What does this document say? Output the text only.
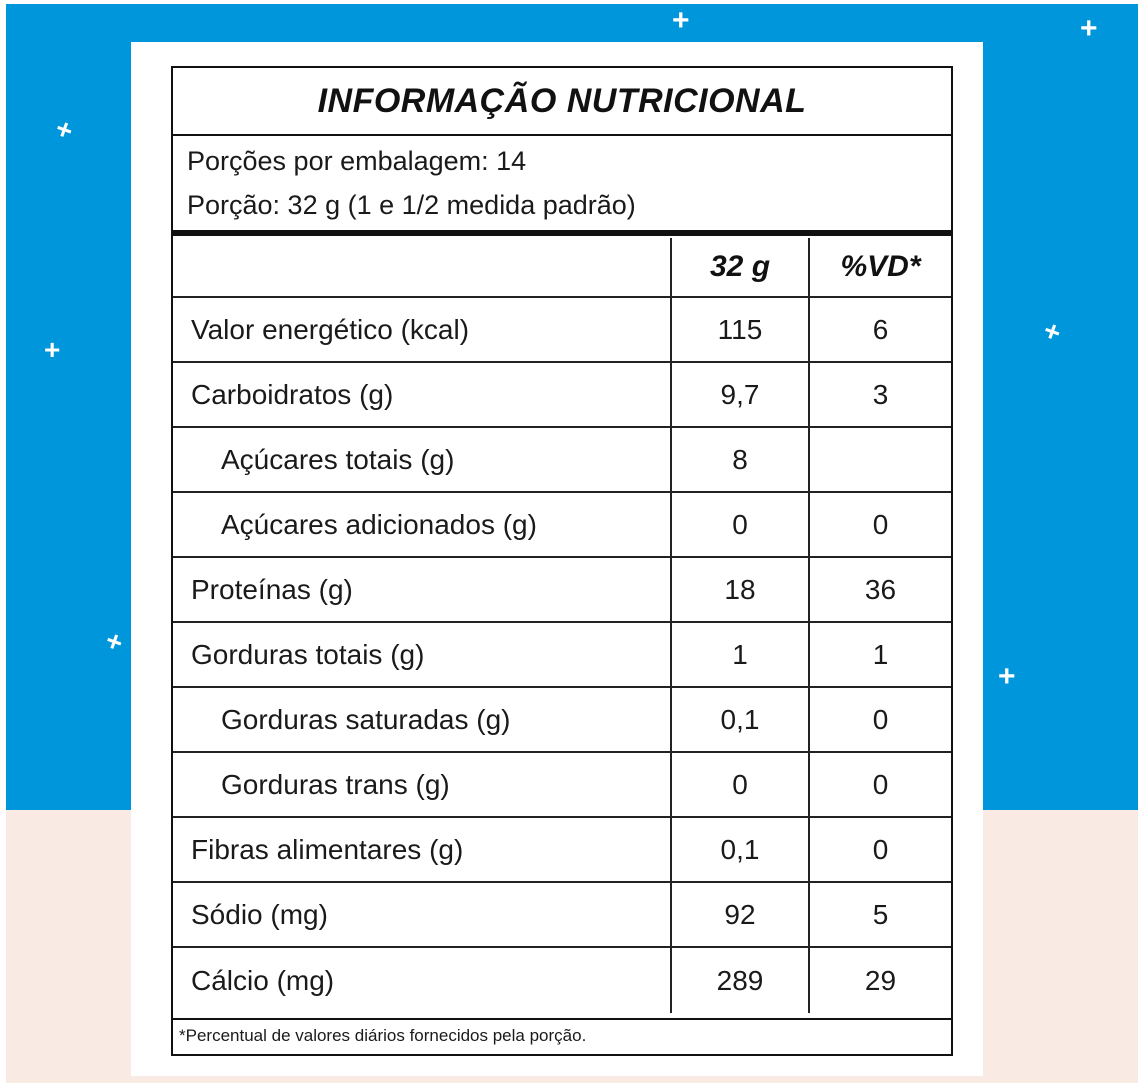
+	+
+
+
+
+
+
INFORMAÇÃO NUTRICIONAL
Porções por embalagem: 14
Porção: 32 g (1 e 1/2 medida padrão)
32 g	%VD*
Valor energético (kcal)	115	6
Carboidratos (g)	9,7	3
Açúcares totais (g)	8
Açúcares adicionados (g)	0	0
Proteínas (g)	18	36
Gorduras totais (g)	1	1
Gorduras saturadas (g)	0,1	0
Gorduras trans (g)	0	0
Fibras alimentares (g)	0,1	0
Sódio (mg)	92	5
Cálcio (mg)	289	29
*Percentual de valores diários fornecidos pela porção.
